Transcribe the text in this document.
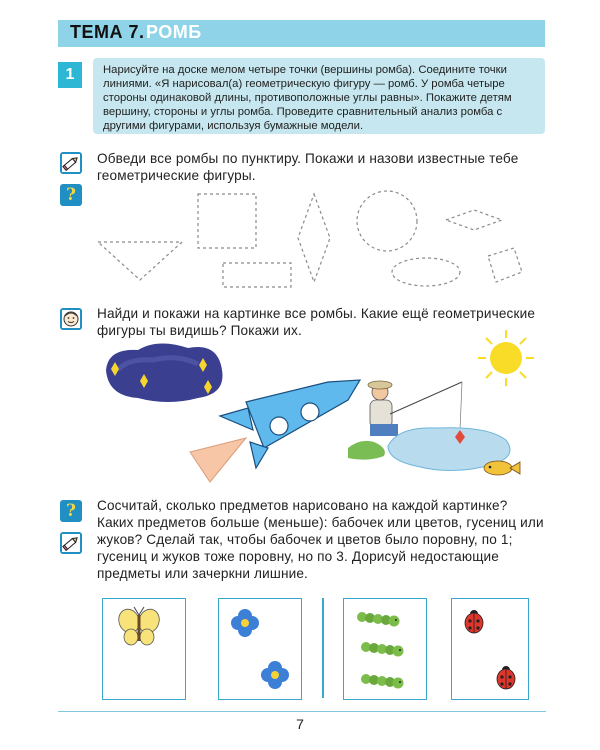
ТЕМА 7. РОМБ
1	Нарисуйте на доске мелом четыре точки (вершины ромба). Соедините точки линиями. «Я нарисовал(а) геометрическую фигуру — ромб. У ромба четыре стороны одинаковой длины, противоположные углы равны». Покажите детям вершину, стороны и углы ромба. Проведите сравнительный анализ ромба с другими фигурами, используя бумажные модели.
?
Обведи все ромбы по пунктиру. Покажи и назови известные тебе геометрические фигуры.
Найди и покажи на картинке все ромбы. Какие ещё геометрические фигуры ты видишь? Покажи их.
? Сосчитай, сколько предметов нарисовано на каждой картинке? Каких предметов больше (меньше): бабочек или цветов, гусениц или жуков? Сделай так, чтобы бабочек и цветов было поровну, по 1; гусениц и жуков тоже поровну, но по 3. Дорисуй недостающие предметы или зачеркни лишние.
7
